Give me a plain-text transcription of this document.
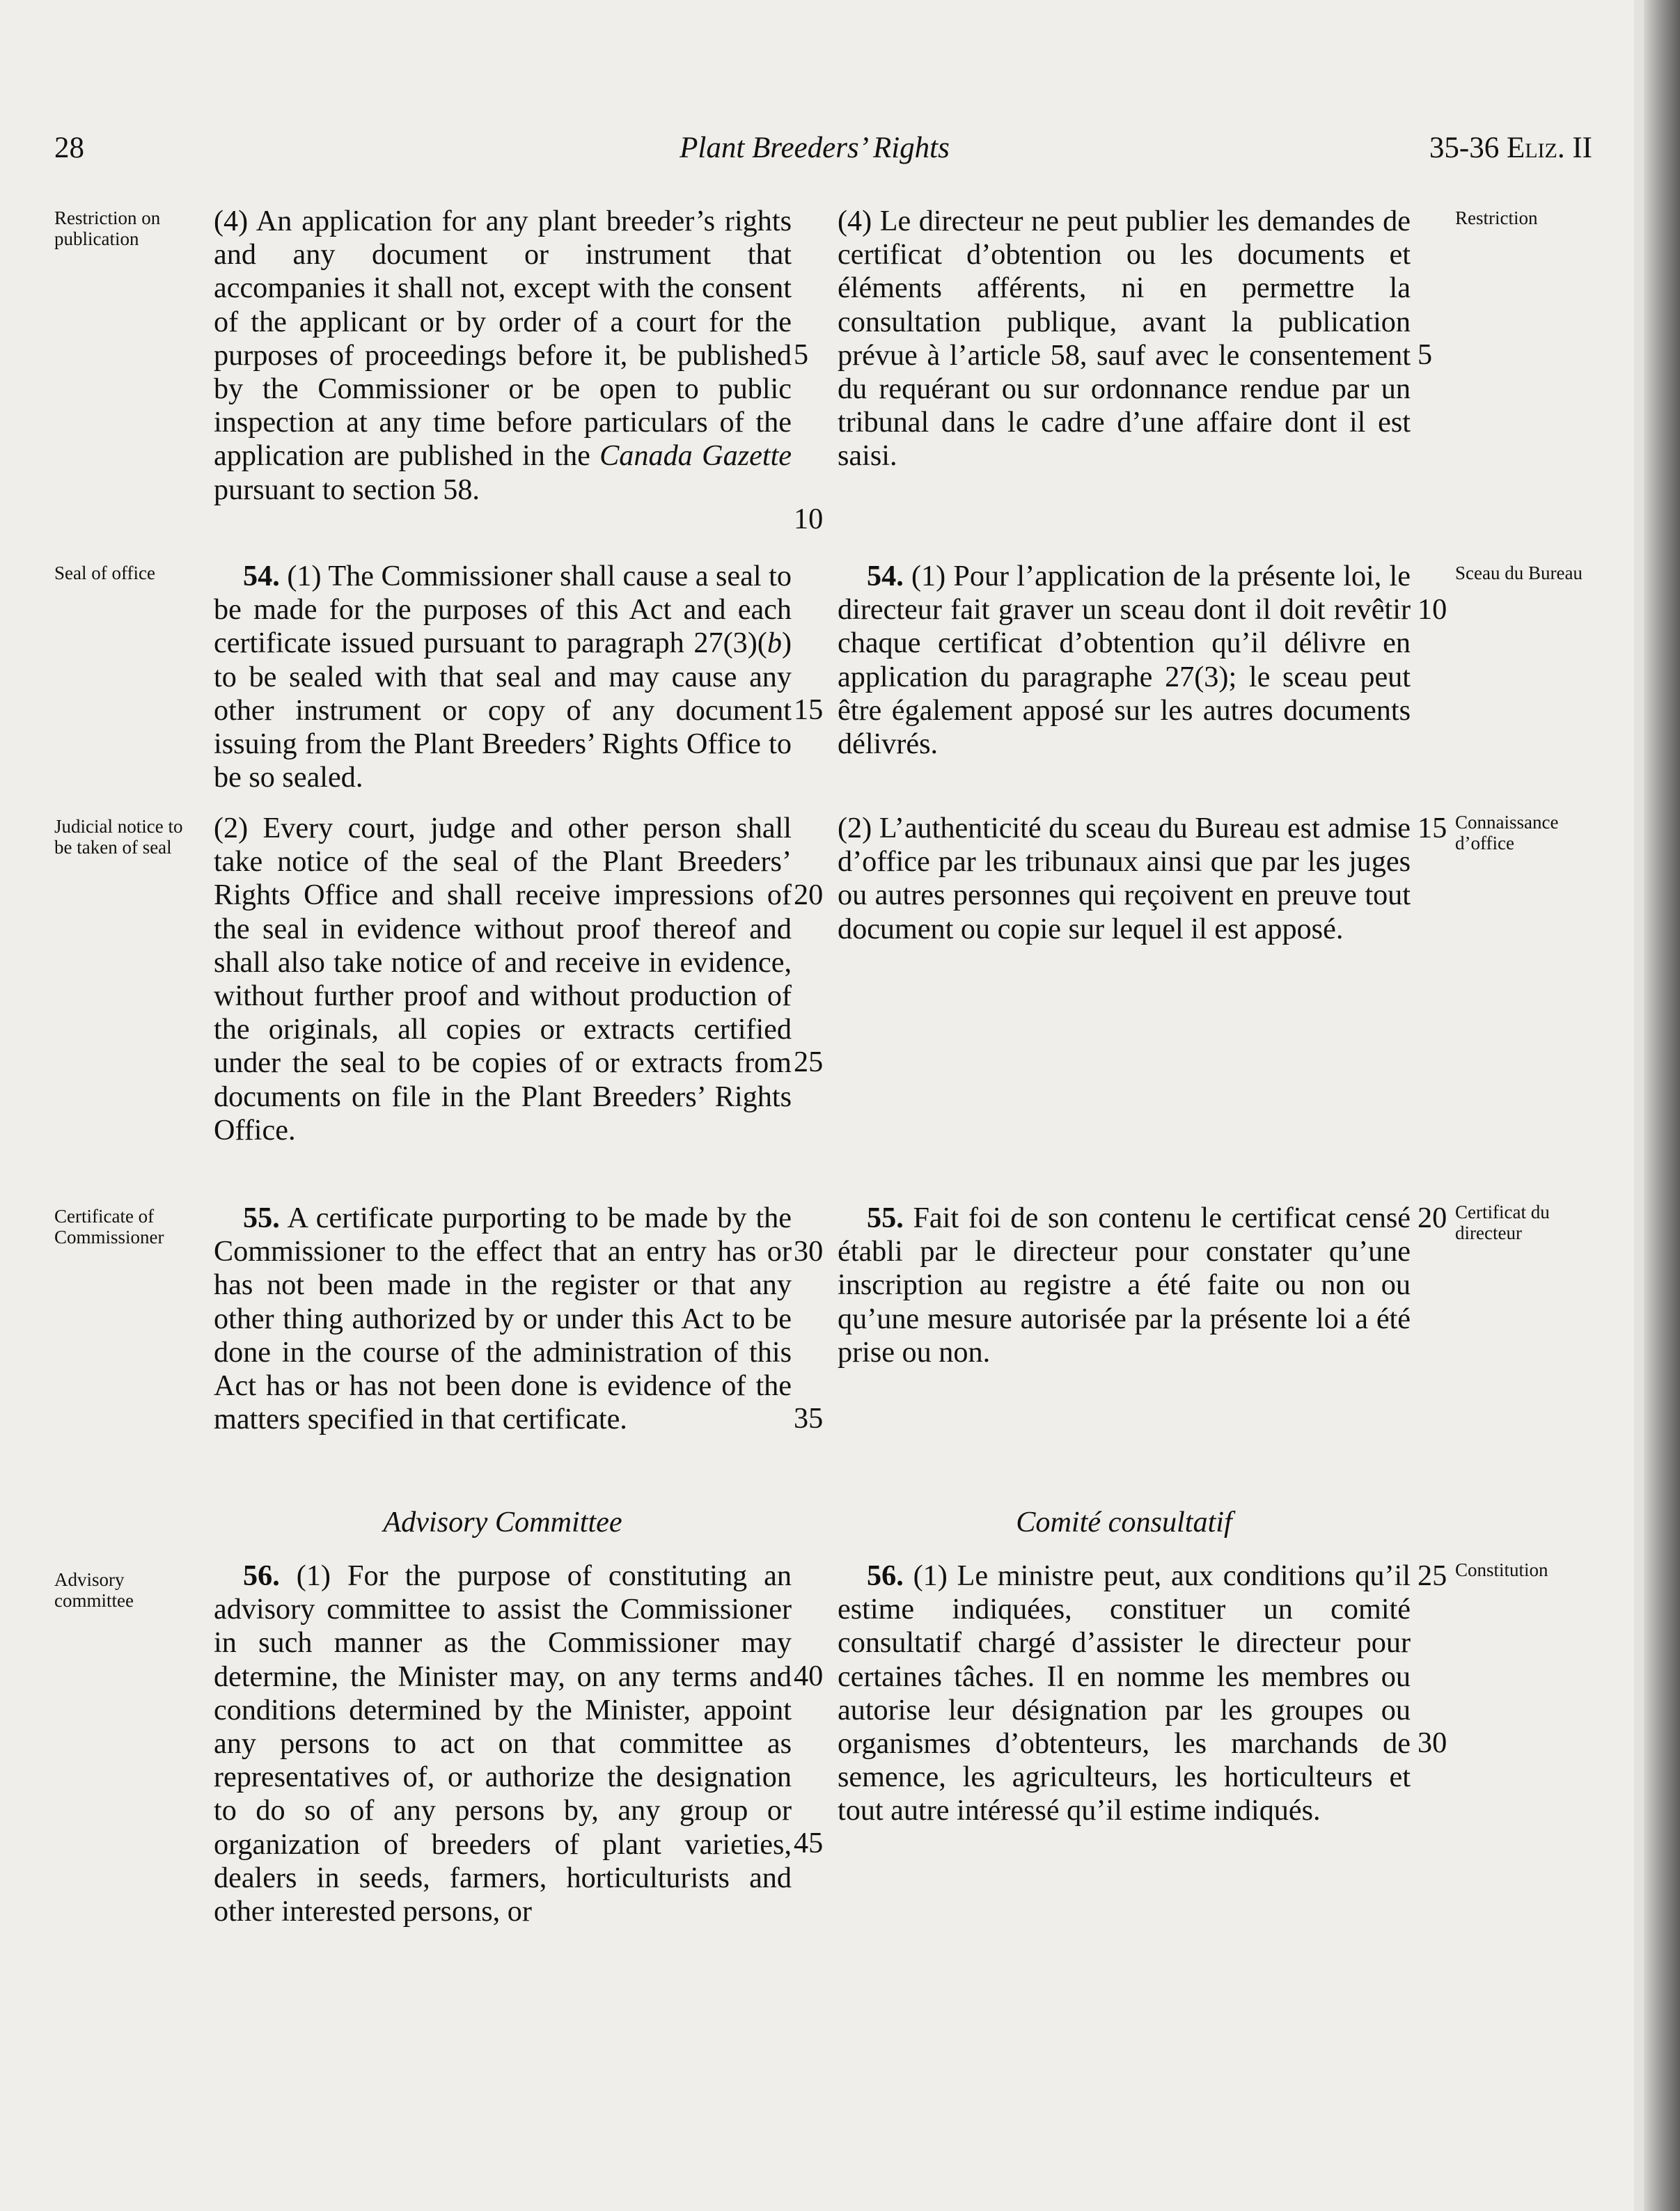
28	Plant Breeders’ Rights	35-36 Eliz. II
Restriction on publication
Restriction
(4) An application for any plant breeder’s rights and any document or instrument that accompanies it shall not, except with the consent of the applicant or by order of a court for the purposes of proceedings before it, be published by the Commissioner or be open to public inspection at any time before particulars of the application are published in the Canada Gazette pursuant to section 58.
(4) Le directeur ne peut publier les demandes de certificat d’obtention ou les documents et éléments afférents, ni en permettre la consultation publique, avant la publication prévue à l’article 58, sauf avec le consentement du requérant ou sur ordonnance rendue par un tribunal dans le cadre d’une affaire dont il est saisi.
Seal of office	Sceau du Bureau
54. (1) The Commissioner shall cause a seal to be made for the purposes of this Act and each certificate issued pursuant to paragraph 27(3)(b) to be sealed with that seal and may cause any other instrument or copy of any document issuing from the Plant Breeders’ Rights Office to be so sealed.
54. (1) Pour l’application de la présente loi, le directeur fait graver un sceau dont il doit revêtir chaque certificat d’obtention qu’il délivre en application du paragraphe 27(3); le sceau peut être également apposé sur les autres documents délivrés.
Judicial notice to be taken of seal
Connaissance d’office
(2) Every court, judge and other person shall take notice of the seal of the Plant Breeders’ Rights Office and shall receive impressions of the seal in evidence without proof thereof and shall also take notice of and receive in evidence, without further proof and without production of the originals, all copies or extracts certified under the seal to be copies of or extracts from documents on file in the Plant Breeders’ Rights Office.
(2) L’authenticité du sceau du Bureau est admise d’office par les tribunaux ainsi que par les juges ou autres personnes qui reçoivent en preuve tout document ou copie sur lequel il est apposé.
Certificate of Commissioner
Certificat du directeur
55. A certificate purporting to be made by the Commissioner to the effect that an entry has or has not been made in the register or that any other thing authorized by or under this Act to be done in the course of the administration of this Act has or has not been done is evidence of the matters specified in that certificate.
55. Fait foi de son contenu le certificat censé établi par le directeur pour constater qu’une inscription au registre a été faite ou non ou qu’une mesure autorisée par la présente loi a été prise ou non.
Advisory Committee	Comité consultatif
Advisory committee
Constitution
56. (1) For the purpose of constituting an advisory committee to assist the Commissioner in such manner as the Commissioner may determine, the Minister may, on any terms and conditions determined by the Minister, appoint any persons to act on that committee as representatives of, or authorize the designation to do so of any persons by, any group or organization of breeders of plant varieties, dealers in seeds, farmers, horticulturists and other interested persons, or
56. (1) Le ministre peut, aux conditions qu’il estime indiquées, constituer un comité consultatif chargé d’assister le directeur pour certaines tâches. Il en nomme les membres ou autorise leur désignation par les groupes ou organismes d’obtenteurs, les marchands de semence, les agriculteurs, les horticulteurs et tout autre intéressé qu’il estime indiqués.
5
10
15
20
25
30
35
40
45
5
10
15
20
25
30
